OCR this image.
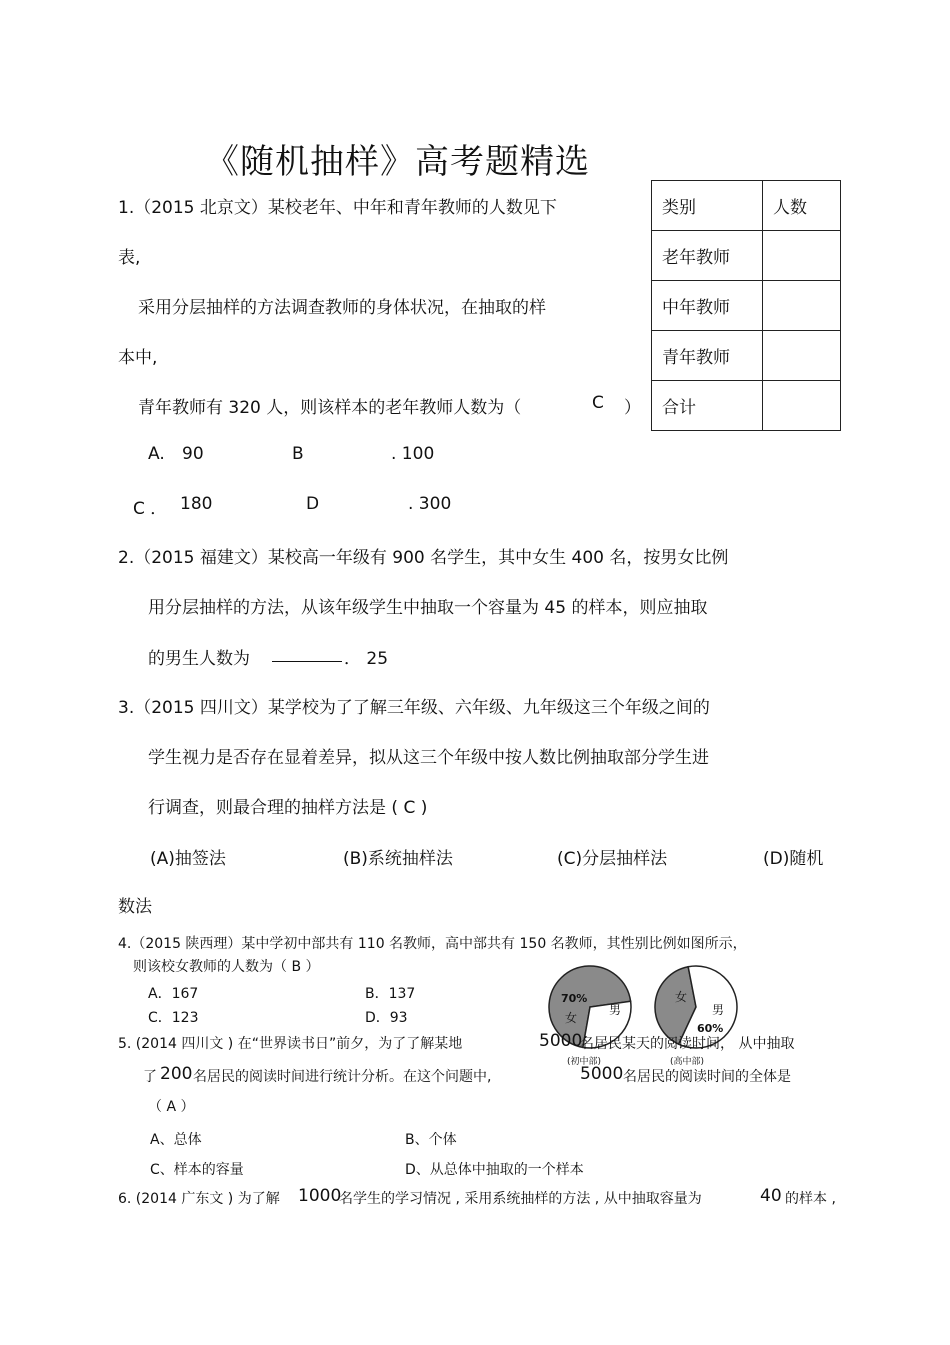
《随机抽样》高考题精选
1.（2015 北京文）某校老年、中年和青年教师的人数见下
表,
采用分层抽样的方法调查教师的身体状况，在抽取的样
本中,
青年教师有 320 人，则该样本的老年教师人数为（	C ）
A. 90	B	. 100
C ． 180	D	. 300
类别	人数
老年教师	
中年教师	
青年教师	
合计	
2.（2015 福建文）某校高一年级有 900 名学生，其中女生 400 名，按男女比例
用分层抽样的方法，从该年级学生中抽取一个容量为 45 的样本，则应抽取
的男生人数为	． 25
3.（2015 四川文）某学校为了了解三年级、六年级、九年级这三个年级之间的
学生视力是否存在显着差异，拟从这三个年级中按人数比例抽取部分学生进
行调查，则最合理的抽样方法是 ( C )
(A)抽签法	(B)系统抽样法	(C)分层抽样法	(D)随机
数法
4.（2015 陕西理）某中学初中部共有 110 名教师，高中部共有 150 名教师，其性别比例如图所示，
则该校女教师的人数为（ B ）
A．167	B．137
C．123	D．93
70%
女
男
(初中部)
女
男
60%
(高中部)
5. (2014 四川文 ) 在“世界读书日”前夕，为了了解某地	5000
名居民某天的阅读时间， 从中抽取
了 200 名居民的阅读时间进行统计分析。在这个问题中,	5000 名居民的阅读时间的全体是
（ A ）
A、总体	B、个体
C、样本的容量	D、从总体中抽取的一个样本
6. (2014 广东文 ) 为了解 1000
名学生的学习情况 , 采用系统抽样的方法 , 从中抽取容量为	40 的样本 ,
